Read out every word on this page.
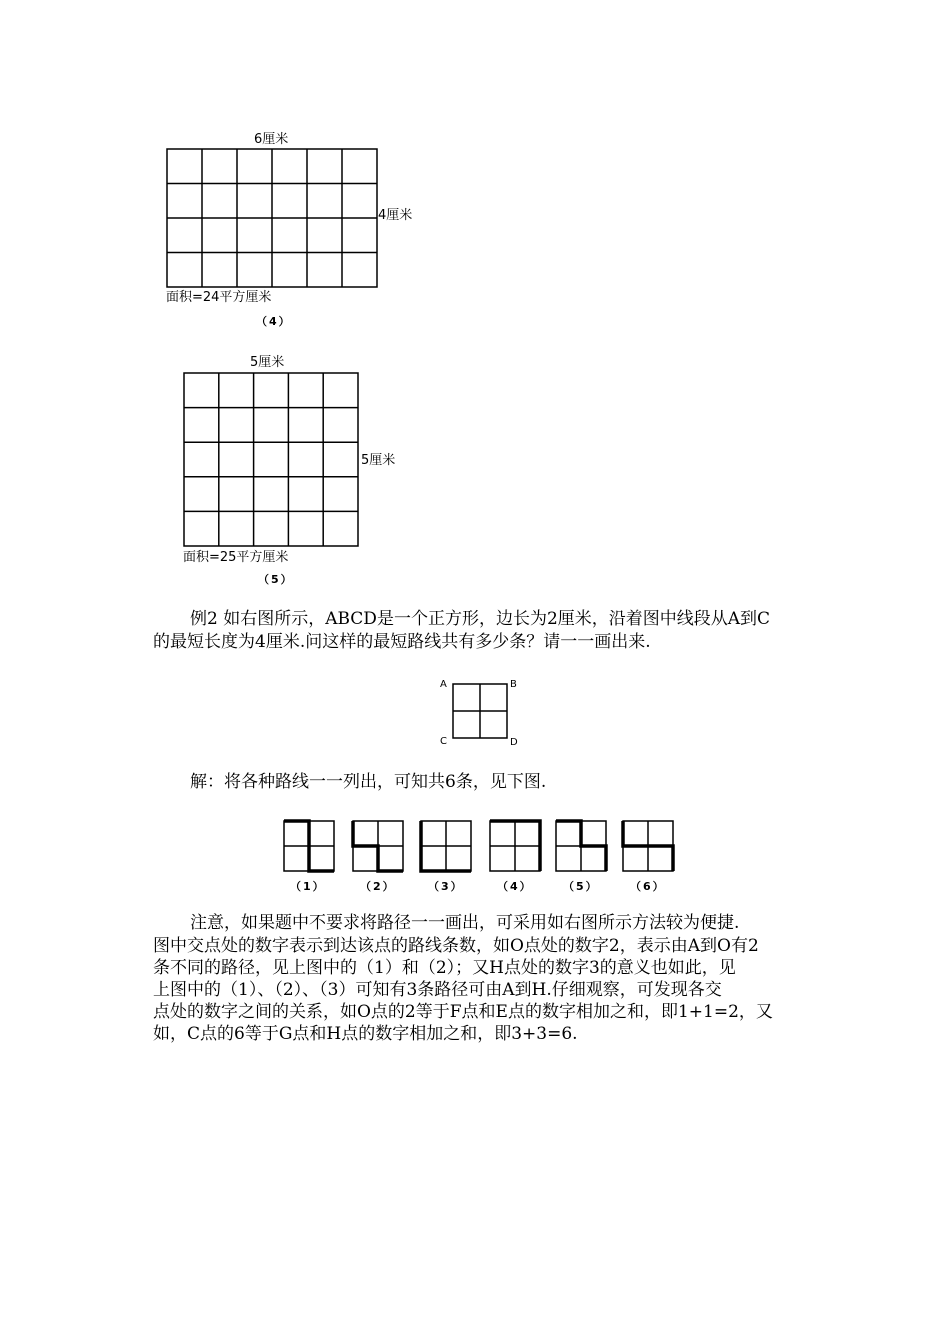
6厘米
4厘米
面积=24平方厘米
（4）
5厘米
5厘米
面积=25平方厘米
（5）
例2 如右图所示，ABCD是一个正方形，边长为2厘米，沿着图中线段从A到C
的最短长度为4厘米.问这样的最短路线共有多少条？请一一画出来.
A	B
C	D
解：将各种路线一一列出，可知共6条，见下图.
（1）	（2）	（3）	（4）	（5）	（6）
注意，如果题中不要求将路径一一画出，可采用如右图所示方法较为便捷.
图中交点处的数字表示到达该点的路线条数，如O点处的数字2，表示由A到O有2
条不同的路径，见上图中的（1）和（2）；又H点处的数字3的意义也如此，见
上图中的（1）、（2）、（3）可知有3条路径可由A到H.仔细观察，可发现各交
点处的数字之间的关系，如O点的2等于F点和E点的数字相加之和，即1+1=2，又
如，C点的6等于G点和H点的数字相加之和，即3+3=6.
